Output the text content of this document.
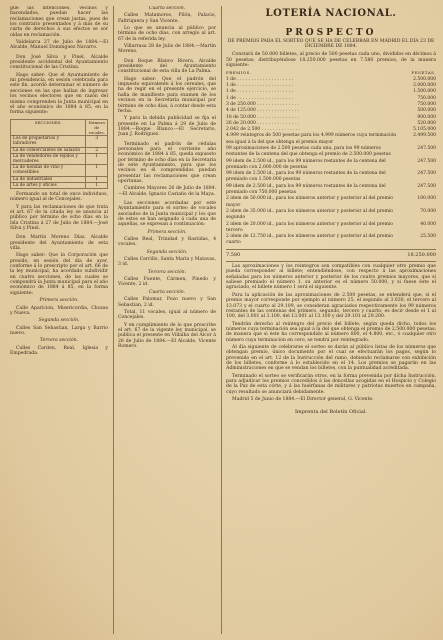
gue las intenciones, vecinos y hacendados, puedan hacer las reclamaciones que crean justas, pues de los contrario presentados y á más de su carta de derechos á sus efectos se sor oídas en reclamación.

Valdelarca 27 de Julio de 1884.—El Alcalde, Manuel Domínguez Navarro.

Don José Silva y Pinel, Alcalde presidente accidental del Ayuntamiento constitucional de las Cristina.

Hago saber: Que el Ayuntamiento de mi presidencia, en sesión celebrada para este fin, acordó determinar el número de secciones en las que hallan de ingresar los vecinos electores que en razón del mismo comprenden la Junta municipal en el año económico de 1884 á 85, en la forma siguiente:

SECCIONES.	Número de vocales.
Los de propietarios y labradores	3
La de comerciantes de salazón	2
La de vendedores de tejidos y mercaderes	1
La de tiendas de vino y comestibles	1
La de industriales	1
La de artes y oficios	1

Formando un total de once individuos, número igual al de Concejales.

Y para las reclamaciones de que trata el art. 67 de la citada ley se anuncia al público por término de ocho días en la Isla Cristina á 27 de Julio de 1884.—José Silva y Pinel.

Don Martín Moreno Díaz, Alcalde presidente del Ayuntamiento de esta villa.

Hago saber: Que la Corporación que presido, en sesión del día de ayer, conforme á lo prescripto por el art. 66 de la ley municipal, ha acordado subdividir en cuatro secciones, de las cuales se compondrá la Junta municipal para el año económico de 1884 á 85, en la forma siguiente:

Primera sección.

Calle Aparicion, Misericordia, Chozas y Nueva.

Segunda sección.

Calles San Sebastian, Larga y Barrio nuevo.

Tercera sección.

Calles Carden, Real, Iglesia y Empedrada.

Cuarta sección.

Calles Matamoros, Pilón, Palacio, Faltriquera y San Vicente.

Lo que se anuncia al público por término de ocho días, con arreglo al art. 67 de la referida ley.

Villarrasa 28 de Julio de 1884.—Martín Moreno.

Don Roque Blanco Rivera, Alcalde presidente del Ayuntamiento constitucional de esta villa de La Palma.

Hago saber: Que el padrón del impuesto equivalente á los cereales, que ha de regir en el presente ejercicio, se halla de manifiesto para examen de los vecinos en la Secretaría municipal por término de ocho días, á contar desde esta fecha.

Y para la debida publicidad se fija el presente en La Palma á 29 de Julio de 1884.—Roque Blanco.—El Secretario, Juan J. Rodríguez.

Terminado el padrón de cédulas personales para el corriente año económico de 1884 á 85, queda expuesto por término de ocho días en la Secretaría de este Ayuntamiento, para que los vecinos en él comprendidos puedan presentar las reclamaciones que crean oportunas.

Cumbres Mayores 26 de Julio de 1884.—El Alcalde, Ignacio Castaño de la Maya.

Las secciones acordadas por este Ayuntamiento para el sorteo de vocales asociados de la Junta municipal y los que de estos se han asignado á cada una de aquellas, se expresan á continuación:

Primera sección.

Calles Real, Trinidad y Bastidas, 4 vocales.

Segunda sección.

Calles Cerrillo, Santa María y Matavas, 3 id.

Tercera sección.

Calles Fuente, Cármen, Pinedo y Vicente, 2 id.

Cuarta sección.

Calles Palomar, Pozo nuevo y San Sebastian, 2 id.

Total, 11 vocales, igual al número de Concejales.

Y en cumplimiento de lo que prescribe el art. 67 de la vigente ley municipal, se publica el presente en Villalba del Alcor á 28 de Julio de 1884.—El Alcalde, Vicente Romero.

LOTERÍA NACIONAL.
PROSPECTO

DE PREMIOS PARA EL SORTEO QUE SE HA DE CELEBRAR EN MADRID EL DÍA 23 DE DICIEMBRE DE 1884.

Constará de 50.000 billetes, al precio de 500 pesetas cada uno, divididos en décimos á 50 pesetas; distribuyéndose 18.250.000 pesetas en 7.580 premios, de la manera siguiente:

PREMIOS.	PESETAS.
1 de . . . . . . . . . . . . . . . . . . . .	2.500.000
1 de . . . . . . . . . . . . . . . . . . . .	2.000.000
1 de . . . . . . . . . . . . . . . . . . . .	1.500.000
1 de . . . . . . . . . . . . . . . . . . . .	750.000
3 de 250.000 . . . . . . . . . . . . . . .	750.000
4 de 125.000 . . . . . . . . . . . . . . .	500.000
18 de 50.000 . . . . . . . . . . . . . . .	900.000
26 de 20.000 . . . . . . . . . . . . . . .	520.000
2.042 de 2.500 . . . . . . . . . . . . . .	5.105.000
4.999 reintegros de 500 pesetas para los 4.999 números cuya terminación sea igual á la del que obtenga el premio mayor	2.499.500
99 aproximaciones de 2.500 pesetas cada una, para los 99 números restantes de la centena del que obtenga el premio de 2.500.000 pesetas	247.500
99 idem de 2.500 id., para los 99 números restantes de la centena del premiado con 2.000.000 de pesetas	247.500
99 idem de 2.500 id., para los 99 números restantes de la centena del premiado con 1.500.000 pesetas	247.500
99 idem de 2.500 id., para los 99 números restantes de la centena del premiado con 750.000 pesetas	247.500
2 idem de 50.000 id., para los números anterior y posterior al del premio mayor	100.000
2 idem de 35.000 id., para los números anterior y posterior al del premio segundo	70.000
2 idem de 20.000 id., para los números anterior y posterior al del premio tercero	40.000
2 idem de 12.750 id., para los números anterior y posterior al del premio cuarto	25.500
7.580	18.250.000

Las aproximaciones y los reintegros son compatibles con cualquier otro premio que pueda corresponder al billete; entendiéndose, con respecto á las aproximaciones señaladas para los números anterior y posterior de los cuatro premios mayores, que si saliese premiado el número 1, su anterior es el número 50.000, y si fuese éste el agraciado, el billete número 1 será el siguiente.

Para la aplicación de las aproximaciones de 2.500 pesetas, se entenderá que, si el premio mayor corresponde por ejemplo al número 25, el segundo al 3.030, el tercero al 13.073 y el cuarto al 29.109, se consideran agraciados respectivamente los 99 números restantes de las centenas del primero, segundo, tercero y cuarto; es decir desde el 1 al 100, del 3.001 al 3.100, del 13.001 al 13.100 y del 29.101 al 29.200.

Tendrán derecho al reintegro del precio del billete, según queda dicho, todos los números cuya terminación sea igual á la del que obtenga el premio de 2.500.000 pesetas; de manera que si éste ha correspondido al número 800, el 4.800, etc., ó cualquier otro número cuya terminación en cero, se tendrá por reintegrado.

Al día siguiente de celebrarse el sorteo se darán al público listas de los números que obtengan premio, único documento por el cual se efectuarán los pagos, según lo prevenido en el art. 12 de la Instrucción del ramo, debiendo reclamarse con exhibición de los billetes, conforme á lo establecido en el 14. Los premios se pagarán en las Administraciones en que se vendan los billetes, con la puntualidad acreditada.

Terminado el sorteo se verificarán otros, en la forma prevenida por dicha Instrucción, para adjudicar los premios concedidos á las doncellas acogidas en el Hospicio y Colegio de la Paz de esta córte, y á las huérfanas de militares y patriotas muertos en campaña, cuyo resultado se anunciará debidamente.

Madrid 5 de Junio de 1884.—El Director general, G. Vicente.

Imprenta del Boletín Oficial.
